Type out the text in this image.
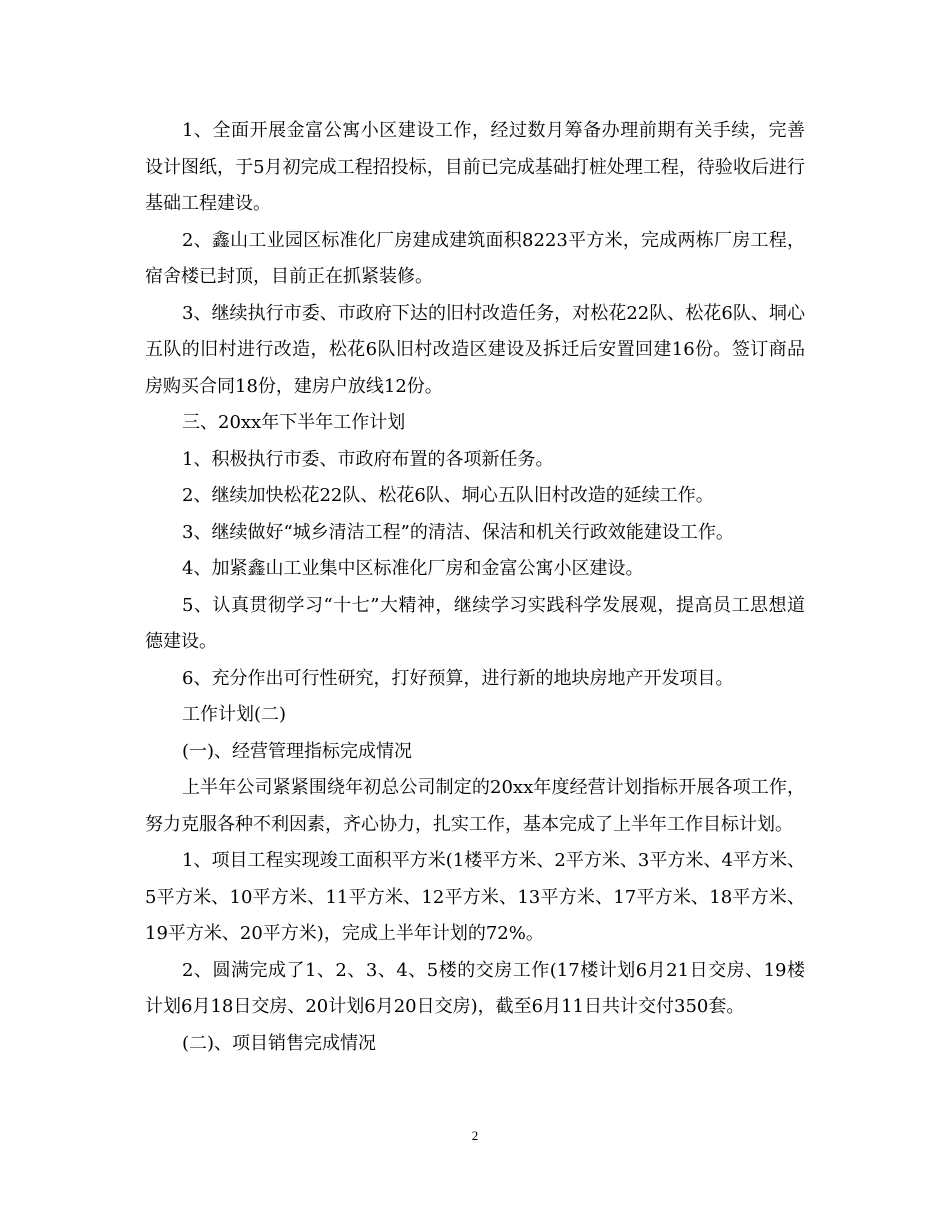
1、全面开展金富公寓小区建设工作，经过数月筹备办理前期有关手续，完善设计图纸，于5月初完成工程招投标，目前已完成基础打桩处理工程，待验收后进行基础工程建设。

2、鑫山工业园区标准化厂房建成建筑面积8223平方米，完成两栋厂房工程，宿舍楼已封顶，目前正在抓紧装修。

3、继续执行市委、市政府下达的旧村改造任务，对松花22队、松花6队、垌心五队的旧村进行改造，松花6队旧村改造区建设及拆迁后安置回建16份。签订商品房购买合同18份，建房户放线12份。

三、20xx年下半年工作计划

1、积极执行市委、市政府布置的各项新任务。

2、继续加快松花22队、松花6队、垌心五队旧村改造的延续工作。

3、继续做好“城乡清洁工程”的清洁、保洁和机关行政效能建设工作。

4、加紧鑫山工业集中区标准化厂房和金富公寓小区建设。

5、认真贯彻学习“十七”大精神，继续学习实践科学发展观，提高员工思想道德建设。

6、充分作出可行性研究，打好预算，进行新的地块房地产开发项目。

工作计划(二)

(一)、经营管理指标完成情况

上半年公司紧紧围绕年初总公司制定的20xx年度经营计划指标开展各项工作，努力克服各种不利因素，齐心协力，扎实工作，基本完成了上半年工作目标计划。

1、项目工程实现竣工面积平方米(1楼平方米、2平方米、3平方米、4平方米、5平方米、10平方米、11平方米、12平方米、13平方米、17平方米、18平方米、19平方米、20平方米)，完成上半年计划的72%。

2、圆满完成了1、2、3、4、5楼的交房工作(17楼计划6月21日交房、19楼计划6月18日交房、20计划6月20日交房)，截至6月11日共计交付350套。

(二)、项目销售完成情况

2
